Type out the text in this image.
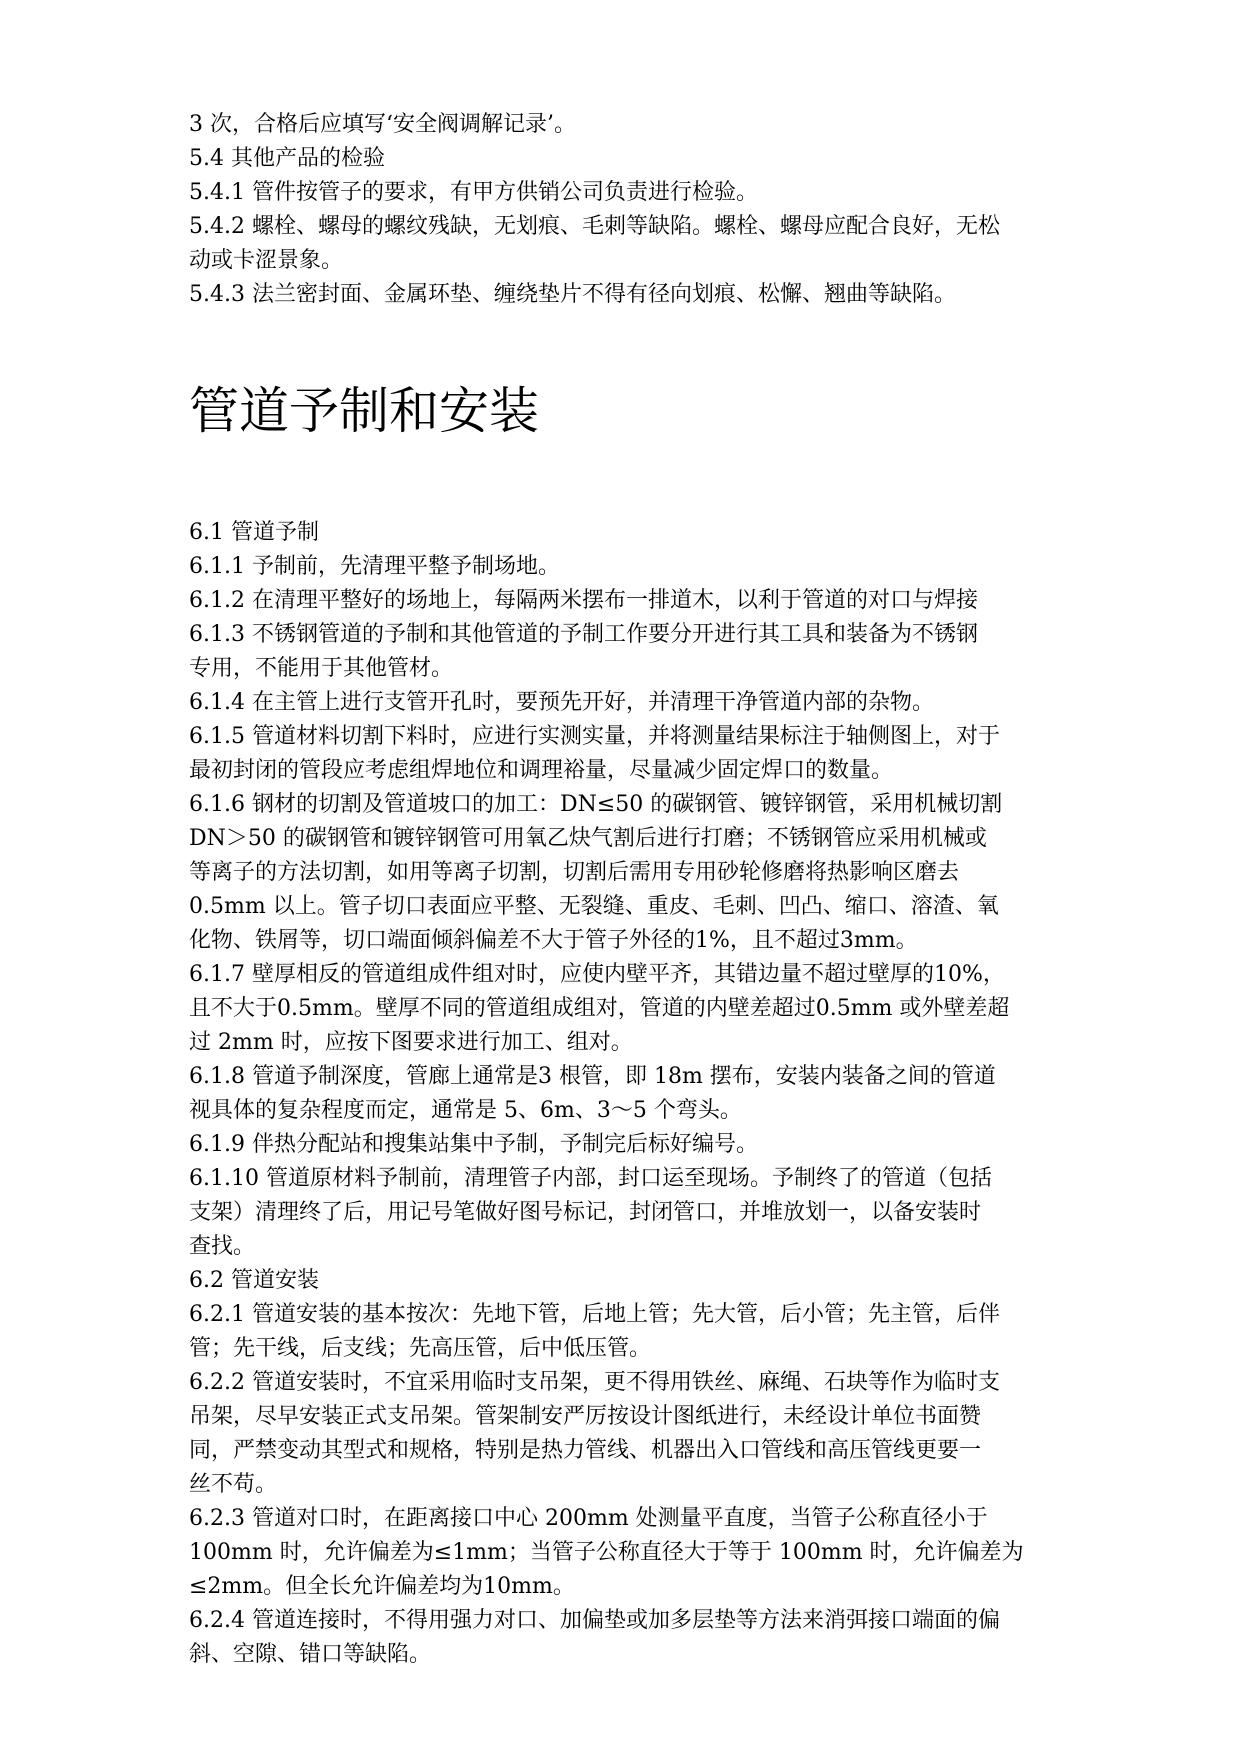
3 次，合格后应填写‘安全阀调解记录’。
5.4 其他产品的检验
5.4.1 管件按管子的要求，有甲方供销公司负责进行检验。
5.4.2 螺栓、螺母的螺纹残缺，无划痕、毛刺等缺陷。螺栓、螺母应配合良好，无松
动或卡涩景象。
5.4.3 法兰密封面、金属环垫、缠绕垫片不得有径向划痕、松懈、翘曲等缺陷。
管道予制和安装
6.1 管道予制
6.1.1 予制前，先清理平整予制场地。
6.1.2 在清理平整好的场地上，每隔两米摆布一排道木，以利于管道的对口与焊接
6.1.3 不锈钢管道的予制和其他管道的予制工作要分开进行其工具和装备为不锈钢
专用，不能用于其他管材。
6.1.4 在主管上进行支管开孔时，要预先开好，并清理干净管道内部的杂物。
6.1.5 管道材料切割下料时，应进行实测实量，并将测量结果标注于轴侧图上，对于
最初封闭的管段应考虑组焊地位和调理裕量，尽量减少固定焊口的数量。
6.1.6 钢材的切割及管道坡口的加工：DN≤50 的碳钢管、镀锌钢管，采用机械切割
DN＞50 的碳钢管和镀锌钢管可用氧乙炔气割后进行打磨；不锈钢管应采用机械或
等离子的方法切割，如用等离子切割，切割后需用专用砂轮修磨将热影响区磨去
0.5mm 以上。管子切口表面应平整、无裂缝、重皮、毛刺、凹凸、缩口、溶渣、氧
化物、铁屑等，切口端面倾斜偏差不大于管子外径的1%，且不超过3mm。
6.1.7 壁厚相反的管道组成件组对时，应使内壁平齐，其错边量不超过壁厚的10%，
且不大于0.5mm。壁厚不同的管道组成组对，管道的内壁差超过0.5mm 或外壁差超
过 2mm 时，应按下图要求进行加工、组对。
6.1.8 管道予制深度，管廊上通常是3 根管，即 18m 摆布，安装内装备之间的管道
视具体的复杂程度而定，通常是 5、6m、3～5 个弯头。
6.1.9 伴热分配站和搜集站集中予制，予制完后标好编号。
6.1.10 管道原材料予制前，清理管子内部，封口运至现场。予制终了的管道（包括
支架）清理终了后，用记号笔做好图号标记，封闭管口，并堆放划一，以备安装时
查找。
6.2 管道安装
6.2.1 管道安装的基本按次：先地下管，后地上管；先大管，后小管；先主管，后伴
管；先干线，后支线；先高压管，后中低压管。
6.2.2 管道安装时，不宜采用临时支吊架，更不得用铁丝、麻绳、石块等作为临时支
吊架，尽早安装正式支吊架。管架制安严厉按设计图纸进行，未经设计单位书面赞
同，严禁变动其型式和规格，特别是热力管线、机器出入口管线和高压管线更要一
丝不苟。
6.2.3 管道对口时，在距离接口中心 200mm 处测量平直度，当管子公称直径小于
100mm 时，允许偏差为≤1mm；当管子公称直径大于等于 100mm 时，允许偏差为
≤2mm。但全长允许偏差均为10mm。
6.2.4 管道连接时，不得用强力对口、加偏垫或加多层垫等方法来消弭接口端面的偏
斜、空隙、错口等缺陷。
